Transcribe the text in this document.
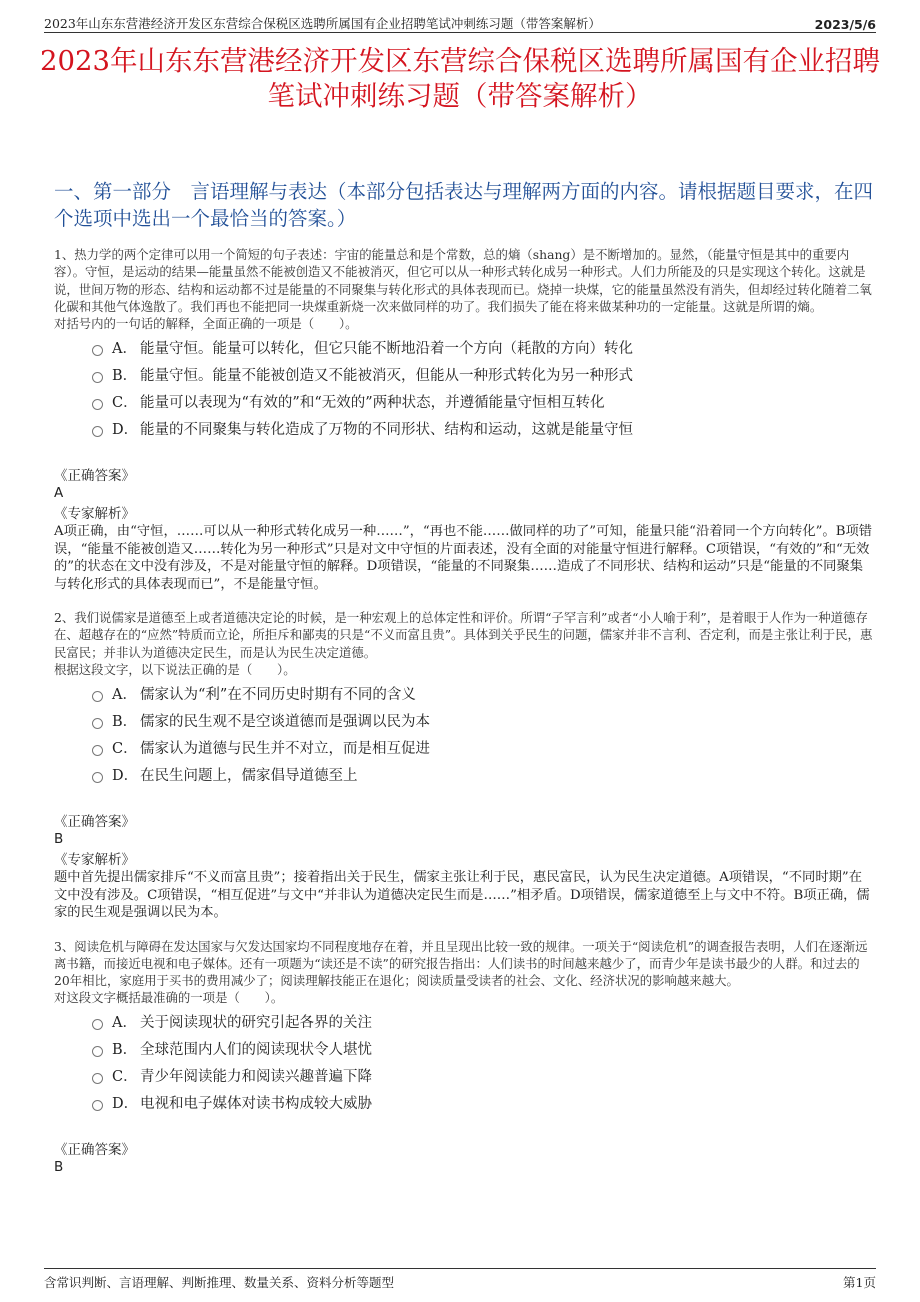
2023年山东东营港经济开发区东营综合保税区选聘所属国有企业招聘笔试冲刺练习题（带答案解析）	2023/5/6
2023年山东东营港经济开发区东营综合保税区选聘所属国有企业招聘笔试冲刺练习题（带答案解析）
一、第一部分　言语理解与表达（本部分包括表达与理解两方面的内容。请根据题目要求，在四个选项中选出一个最恰当的答案。）
1、热力学的两个定律可以用一个简短的句子表述：宇宙的能量总和是个常数，总的熵（shang）是不断增加的。显然，（能量守恒是其中的重要内容）。守恒，是运动的结果—能量虽然不能被创造又不能被消灭，但它可以从一种形式转化成另一种形式。人们力所能及的只是实现这个转化。这就是说，世间万物的形态、结构和运动都不过是能量的不同聚集与转化形式的具体表现而已。烧掉一块煤，它的能量虽然没有消失，但却经过转化随着二氧化碳和其他气体逸散了。我们再也不能把同一块煤重新烧一次来做同样的功了。我们损失了能在将来做某种功的一定能量。这就是所谓的熵。
对括号内的一句话的解释，全面正确的一项是（　　）。
A． 能量守恒。能量可以转化，但它只能不断地沿着一个方向（耗散的方向）转化
B． 能量守恒。能量不能被创造又不能被消灭，但能从一种形式转化为另一种形式
C． 能量可以表现为“有效的”和“无效的”两种状态，并遵循能量守恒相互转化
D． 能量的不同聚集与转化造成了万物的不同形状、结构和运动，这就是能量守恒
《正确答案》
A
《专家解析》
A项正确，由“守恒，……可以从一种形式转化成另一种……”，“再也不能……做同样的功了”可知，能量只能“沿着同一个方向转化”。B项错误，“能量不能被创造又……转化为另一种形式”只是对文中守恒的片面表述，没有全面的对能量守恒进行解释。C项错误，“有效的”和“无效的”的状态在文中没有涉及，不是对能量守恒的解释。D项错误，“能量的不同聚集……造成了不同形状、结构和运动”只是“能量的不同聚集与转化形式的具体表现而已”，不是能量守恒。
2、我们说儒家是道德至上或者道德决定论的时候，是一种宏观上的总体定性和评价。所谓“子罕言利”或者“小人喻于利”，是着眼于人作为一种道德存在、超越存在的“应然”特质而立论，所拒斥和鄙夷的只是“不义而富且贵”。具体到关乎民生的问题，儒家并非不言利、否定利，而是主张让利于民，惠民富民；并非认为道德决定民生，而是认为民生决定道德。
根据这段文字，以下说法正确的是（　　）。
A． 儒家认为“利”在不同历史时期有不同的含义
B． 儒家的民生观不是空谈道德而是强调以民为本
C． 儒家认为道德与民生并不对立，而是相互促进
D． 在民生问题上，儒家倡导道德至上
《正确答案》
B
《专家解析》
题中首先提出儒家排斥“不义而富且贵”；接着指出关于民生，儒家主张让利于民，惠民富民，认为民生决定道德。A项错误，“不同时期”在文中没有涉及。C项错误，“相互促进”与文中“并非认为道德决定民生而是……”相矛盾。D项错误，儒家道德至上与文中不符。B项正确，儒家的民生观是强调以民为本。
3、阅读危机与障碍在发达国家与欠发达国家均不同程度地存在着，并且呈现出比较一致的规律。一项关于“阅读危机”的调查报告表明，人们在逐渐远离书籍，而接近电视和电子媒体。还有一项题为“读还是不读”的研究报告指出：人们读书的时间越来越少了，而青少年是读书最少的人群。和过去的20年相比，家庭用于买书的费用减少了；阅读理解技能正在退化；阅读质量受读者的社会、文化、经济状况的影响越来越大。
对这段文字概括最准确的一项是（　　）。
A． 关于阅读现状的研究引起各界的关注
B． 全球范围内人们的阅读现状令人堪忧
C． 青少年阅读能力和阅读兴趣普遍下降
D． 电视和电子媒体对读书构成较大威胁
《正确答案》
B
含常识判断、言语理解、判断推理、数量关系、资料分析等题型	第1页
